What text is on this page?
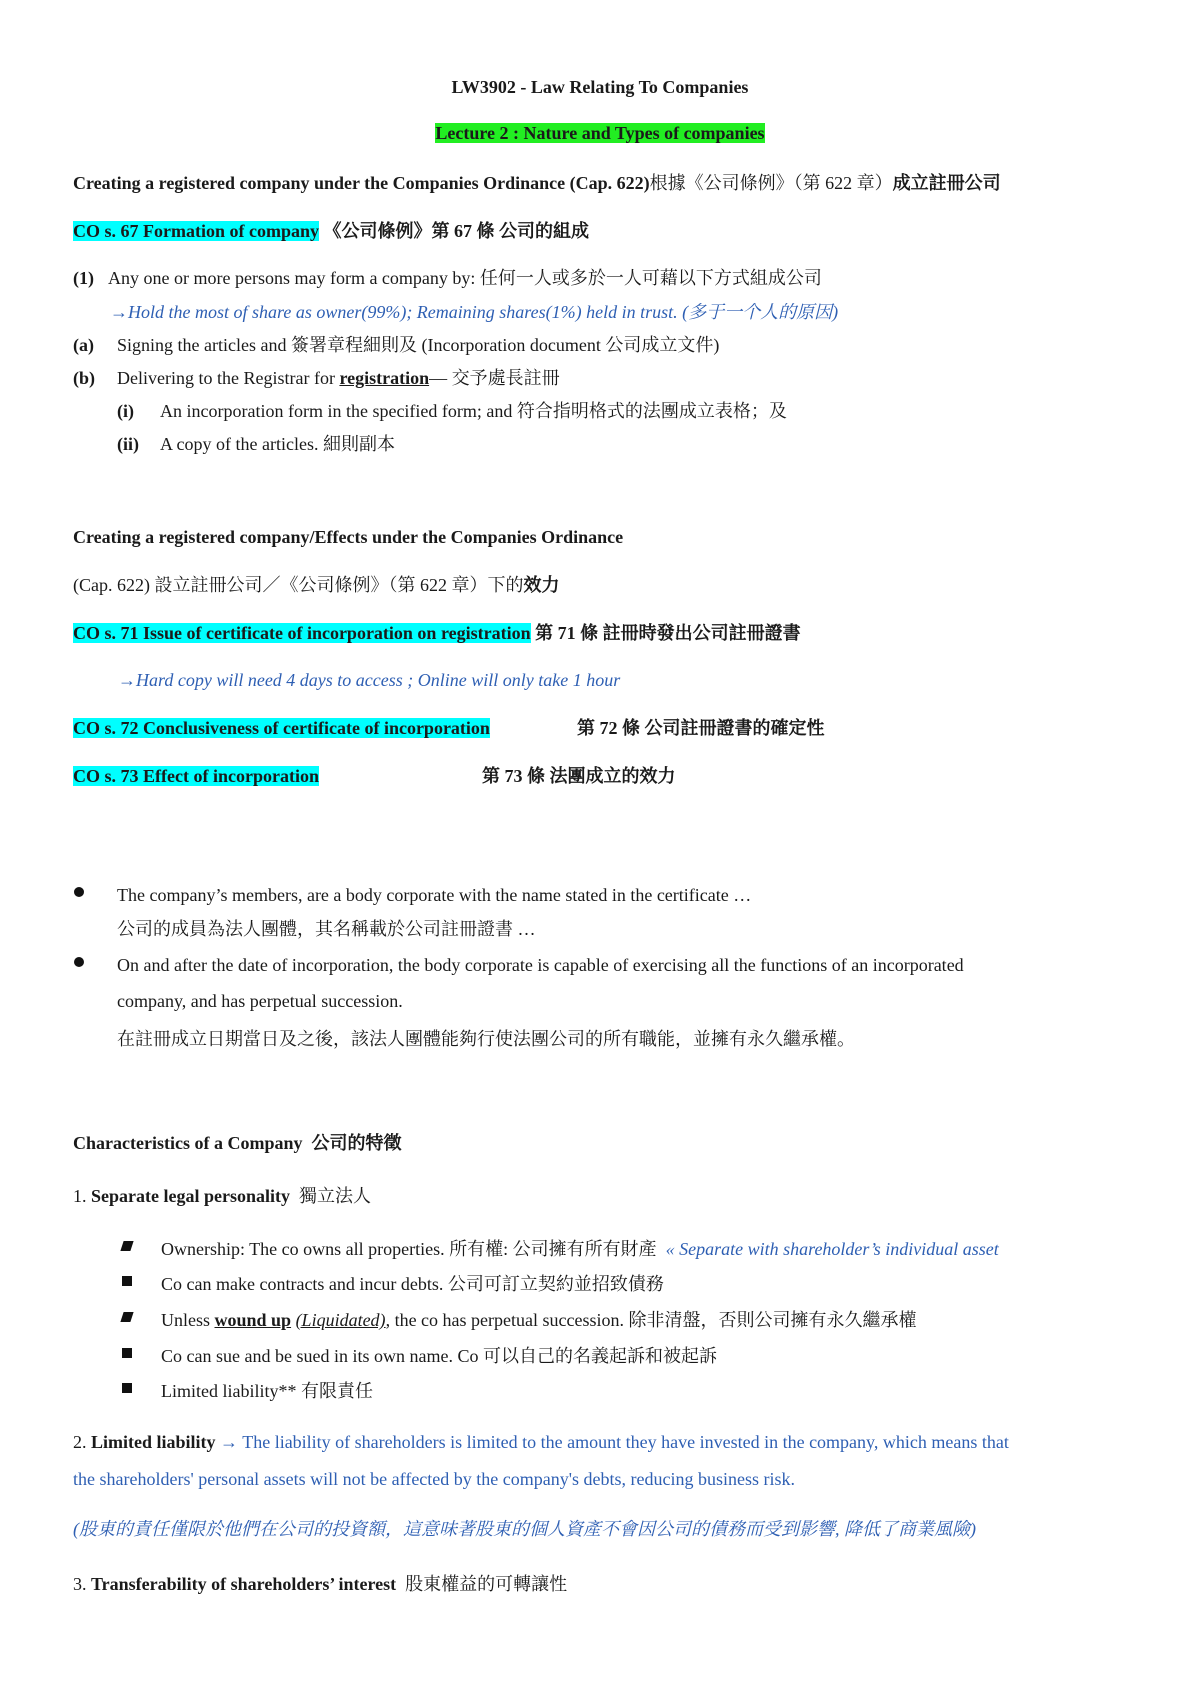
LW3902 - Law Relating To Companies
Lecture 2 : Nature and Types of companies
Creating a registered company under the Companies Ordinance (Cap. 622)根據《公司條例》（第 622 章）成立註冊公司
CO s. 67 Formation of company 《公司條例》第 67 條 公司的組成
(1) Any one or more persons may form a company by: 任何一人或多於一人可藉以下方式組成公司
→Hold the most of share as owner(99%); Remaining shares(1%) held in trust. (多于一个人的原因)
(a) Signing the articles and 簽署章程細則及 (Incorporation document 公司成立文件)
(b) Delivering to the Registrar for registration— 交予處長註冊
(i) An incorporation form in the specified form; and 符合指明格式的法團成立表格；及
(ii) A copy of the articles. 細則副本
Creating a registered company/Effects under the Companies Ordinance
(Cap. 622) 設立註冊公司／《公司條例》（第 622 章）下的效力
CO s. 71 Issue of certificate of incorporation on registration 第 71 條 註冊時發出公司註冊證書
→Hard copy will need 4 days to access ; Online will only take 1 hour
CO s. 72 Conclusiveness of certificate of incorporation	第 72 條 公司註冊證書的確定性
CO s. 73 Effect of incorporation	第 73 條 法團成立的效力
The company’s members, are a body corporate with the name stated in the certificate …
公司的成員為法人團體，其名稱載於公司註冊證書 …
On and after the date of incorporation, the body corporate is capable of exercising all the functions of an incorporated
company, and has perpetual succession.
在註冊成立日期當日及之後，該法人團體能夠行使法團公司的所有職能，並擁有永久繼承權。
Characteristics of a Company 公司的特徵
1. Separate legal personality 獨立法人
Ownership: The co owns all properties. 所有權: 公司擁有所有財產 « Separate with shareholder’s individual asset
Co can make contracts and incur debts. 公司可訂立契約並招致債務
Unless wound up (Liquidated), the co has perpetual succession. 除非清盤，否則公司擁有永久繼承權
Co can sue and be sued in its own name. Co 可以自己的名義起訴和被起訴
Limited liability** 有限責任
2. Limited liability → The liability of shareholders is limited to the amount they have invested in the company, which means that
the shareholders' personal assets will not be affected by the company's debts, reducing business risk.
(股東的責任僅限於他們在公司的投資額，這意味著股東的個人資產不會因公司的債務而受到影響, 降低了商業風險)
3. Transferability of shareholders’ interest 股東權益的可轉讓性
